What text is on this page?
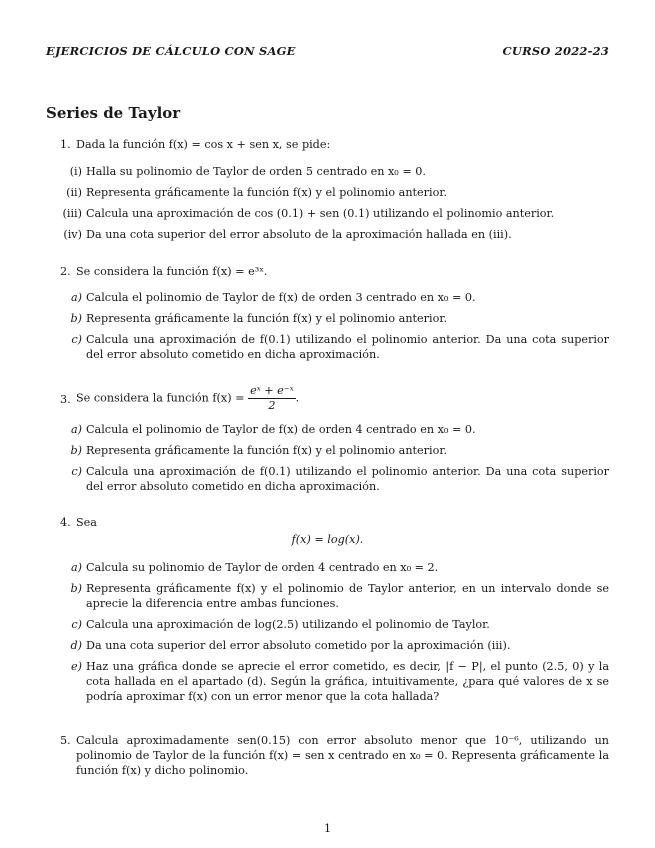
EJERCICIOS DE CÁLCULO CON SAGE	CURSO 2022-23
Series de Taylor
1. Dada la función f(x) = cos x + sen x, se pide:
(i) Halla su polinomio de Taylor de orden 5 centrado en x₀ = 0.
(ii) Representa gráficamente la función f(x) y el polinomio anterior.
(iii) Calcula una aproximación de cos (0.1) + sen (0.1) utilizando el polinomio anterior.
(iv) Da una cota superior del error absoluto de la aproximación hallada en (iii).
2. Se considera la función f(x) = e³ˣ.
a) Calcula el polinomio de Taylor de f(x) de orden 3 centrado en x₀ = 0.
b) Representa gráficamente la función f(x) y el polinomio anterior.
c) Calcula una aproximación de f(0.1) utilizando el polinomio anterior. Da una cota superior del error absoluto cometido en dicha aproximación.
3. Se considera la función $f(x) = \frac{\text{eˣ + e⁻ˣ}}{2}$ .
a) Calcula el polinomio de Taylor de f(x) de orden 4 centrado en x₀ = 0.
b) Representa gráficamente la función f(x) y el polinomio anterior.
c) Calcula una aproximación de f(0.1) utilizando el polinomio anterior. Da una cota superior del error absoluto cometido en dicha aproximación.
4. Sea
f(x) = log(x).
a) Calcula su polinomio de Taylor de orden 4 centrado en x₀ = 2.
b) Representa gráficamente f(x) y el polinomio de Taylor anterior, en un intervalo donde se aprecie la diferencia entre ambas funciones.
c) Calcula una aproximación de log(2.5) utilizando el polinomio de Taylor.
d) Da una cota superior del error absoluto cometido por la aproximación (iii).
e) Haz una gráfica donde se aprecie el error cometido, es decir, |f − P|, el punto (2.5, 0) y la cota hallada en el apartado (d). Según la gráfica, intuitivamente, ¿para qué valores de x se podría aproximar f(x) con un error menor que la cota hallada?
5. Calcula aproximadamente sen(0.15) con error absoluto menor que 10⁻⁶, utilizando un polinomio de Taylor de la función f(x) = sen x centrado en x₀ = 0. Representa gráficamente la función f(x) y dicho polinomio.
1
